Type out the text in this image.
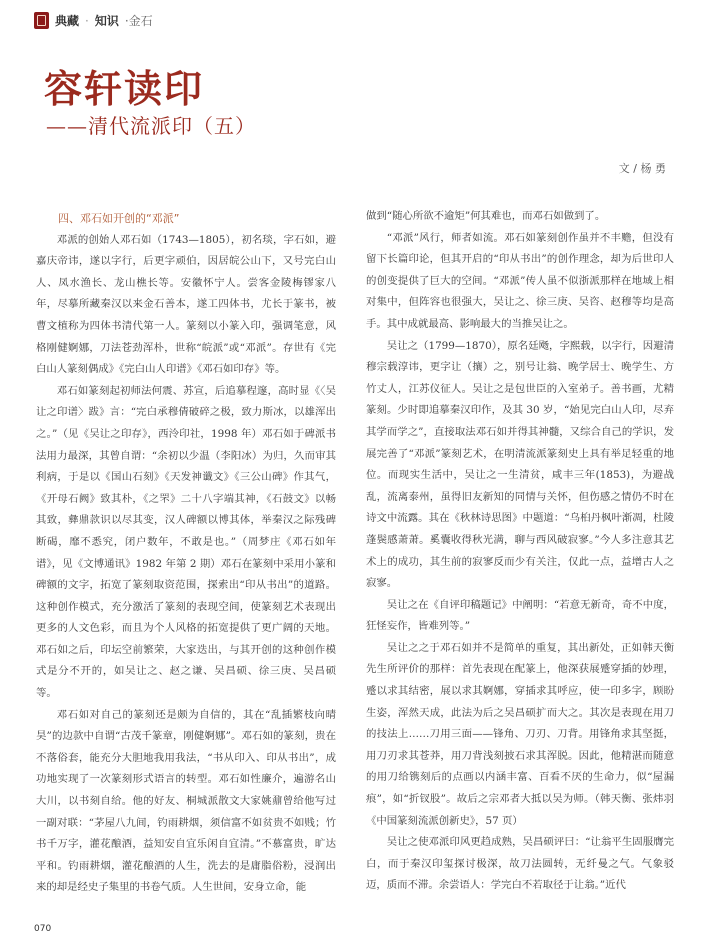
典藏 · 知识 ·金石
容轩读印
——清代流派印（五）
文 / 杨 勇

四、邓石如开创的“邓派”

邓派的创始人邓石如（1743—1805），初名琰，字石如，避嘉庆帝讳，遂以字行，后更字顽伯，因居皖公山下，又号完白山人、凤水渔长、龙山樵长等。安徽怀宁人。尝客金陵梅镠家八年，尽摹所藏秦汉以来金石善本，遂工四体书，尤长于篆书，被曹文植称为四体书清代第一人。篆刻以小篆入印，强调笔意，风格刚健婀娜，刀法苍劲浑朴，世称“皖派”或“邓派”。存世有《完白山人篆刻偶成》《完白山人印谱》《邓石如印存》等。

邓石如篆刻起初师法何震、苏宣，后追摹程邃，高时显《〈吴让之印谱〉跋》言：“完白承穆倩破碎之极，致力斯冰，以雄浑出之。”（见《吴让之印存》，西泠印社，1998 年）邓石如于碑派书法用力最深，其曾自谓：“余初以少温（李阳冰）为归，久而审其利病，于是以《国山石刻》《天发神谶文》《三公山碑》作其气，《开母石阙》致其朴，《之罘》二十八字端其神，《石鼓文》以畅其致，彝鼎款识以尽其变，汉人碑额以博其体，举秦汉之际残碑断碣，靡不悉究，闭户数年，不敢是也。”（周梦庄《邓石如年谱》，见《文博通讯》1982 年第 2 期）邓石在篆刻中采用小篆和碑额的文字，拓宽了篆刻取资范围，探索出“印从书出”的道路。这种创作模式，充分激活了篆刻的表现空间，使篆刻艺术表现出更多的人文色彩，而且为个人风格的拓宽提供了更广阔的天地。邓石如之后，印坛空前繁荣，大家迭出，与其开创的这种创作模式是分不开的，如吴让之、赵之谦、吴昌硕、徐三庚、吴昌硕等。

邓石如对自己的篆刻还是颇为自信的，其在“乱插繁枝向晴昊”的边款中自谓“古茂千篆章，刚健婀娜”。邓石如的篆刻，贵在不落俗套，能充分大胆地我用我法，“书从印入、印从书出”，成功地实现了一次篆刻形式语言的转型。邓石如性廉介，遍游名山大川，以书刻自给。他的好友、桐城派散文大家姚鼐曾给他写过一副对联：“茅屋八九间，钓雨耕烟，须信富不如贫贵不如贱；竹书千万字，灌花酿酒，益知安自宜乐闲自宜清。”不慕富贵，旷达平和。钓雨耕烟，灌花酿酒的人生，洗去的是庸脂俗粉，浸润出来的却是经史子集里的书卷气质。人生世间，安身立命，能

做到“随心所欲不逾矩”何其难也，而邓石如做到了。

“邓派”风行，师者如流。邓石如篆刻创作虽并不丰赡，但没有留下长篇印论，但其开启的“印从书出”的创作理念，却为后世印人的创变提供了巨大的空间。“邓派”传人虽不似浙派那样在地域上相对集中，但阵容也很强大，吴让之、徐三庚、吴咨、赵穆等均是高手。其中成就最高、影响最大的当推吴让之。

吴让之（1799—1870），原名廷飏，字熙载，以字行，因避清穆宗载淳讳，更字让（攘）之，别号让翁、晚学居士、晚学生、方竹丈人，江苏仪征人。吴让之是包世臣的入室弟子。善书画，尤精篆刻。少时即追摹秦汉印作，及其 30 岁，“始见完白山人印，尽弃其学而学之”，直接取法邓石如并得其神髓，又综合自己的学识，发展完善了“邓派”篆刻艺术，在明清流派篆刻史上具有举足轻重的地位。而现实生活中，吴让之一生清贫，咸丰三年(1853)，为避战乱，流离泰州，虽得旧友新知的同情与关怀，但伤感之情仍不时在诗文中流露。其在《秋林诗思图》中题道：“乌桕丹枫叶渐凋，杜陵蓬鬓感萧萧。奚囊收得秋光满，聊与西风破寂寥。”今人多注意其艺术上的成功，其生前的寂寥反而少有关注，仅此一点，益增古人之寂寥。

吴让之在《自评印稿题记》中阐明：“若意无新奇，奇不中度，狂怪妄作，皆难列等。”

吴让之之于邓石如并不是简单的重复，其出新处，正如韩天衡先生所评价的那样：首先表现在配篆上，他深获展蹙穿插的妙理，蹙以求其结密，展以求其婀娜，穿插求其呼应，使一印多字，顾盼生姿，浑然天成，此法为后之吴昌硕扩而大之。其次是表现在用刀的技法上……刀用三面——锋角、刀刃、刀背。用锋角求其坚挺，用刀刃求其苍莽，用刀背浅刻披石求其浑脱。因此，他精湛而随意的用刀给镌刻后的点画以内涵丰富、百看不厌的生命力，似“屋漏痕”，如“折钗股”。故后之宗邓者大抵以吴为师。（韩天衡、张炜羽《中国篆刻流派创新史》，57 页）

吴让之使邓派印风更趋成熟，吴昌硕评曰：“让翁平生固服膺完白，而于秦汉印玺探讨极深，故刀法圆转，无纤曼之气。气象驳迈，质而不滞。余尝语人：学完白不若取径于让翁。”近代

070
